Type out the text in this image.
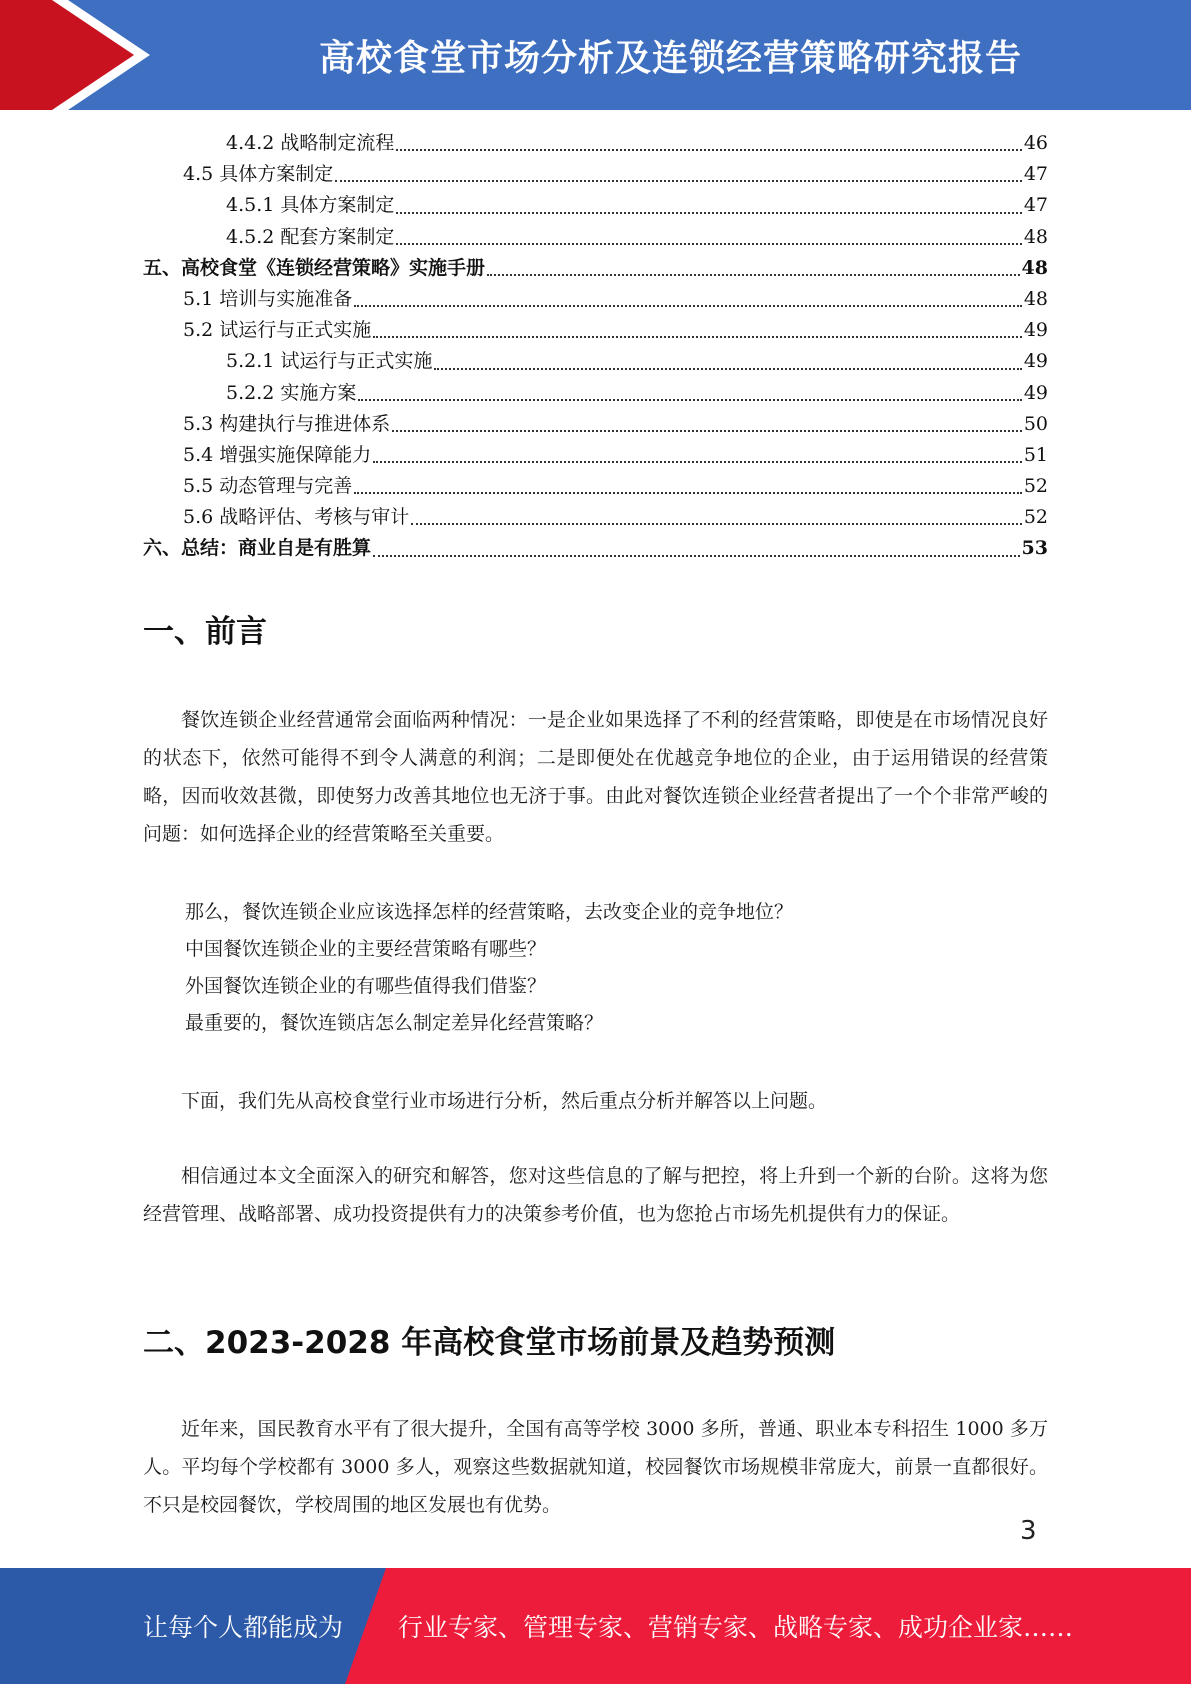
高校食堂市场分析及连锁经营策略研究报告
4.4.2 战略制定流程	46
4.5 具体方案制定	47
4.5.1 具体方案制定	47
4.5.2 配套方案制定	48
五、高校食堂《连锁经营策略》实施手册	48
5.1 培训与实施准备	48
5.2 试运行与正式实施	49
5.2.1 试运行与正式实施	49
5.2.2 实施方案	49
5.3 构建执行与推进体系	50
5.4 增强实施保障能力	51
5.5 动态管理与完善	52
5.6 战略评估、考核与审计	52
六、总结：商业自是有胜算	53
一、前言

餐饮连锁企业经营通常会面临两种情况：一是企业如果选择了不利的经营策略，即使是在市场情况良好的状态下，依然可能得不到令人满意的利润；二是即便处在优越竞争地位的企业，由于运用错误的经营策略，因而收效甚微，即使努力改善其地位也无济于事。由此对餐饮连锁企业经营者提出了一个个非常严峻的问题：如何选择企业的经营策略至关重要。

那么，餐饮连锁企业应该选择怎样的经营策略，去改变企业的竞争地位？

中国餐饮连锁企业的主要经营策略有哪些？

外国餐饮连锁企业的有哪些值得我们借鉴？

最重要的，餐饮连锁店怎么制定差异化经营策略？

下面，我们先从高校食堂行业市场进行分析，然后重点分析并解答以上问题。

相信通过本文全面深入的研究和解答，您对这些信息的了解与把控，将上升到一个新的台阶。这将为您经营管理、战略部署、成功投资提供有力的决策参考价值，也为您抢占市场先机提供有力的保证。

二、2023-2028 年高校食堂市场前景及趋势预测

近年来，国民教育水平有了很大提升，全国有高等学校 3000 多所，普通、职业本专科招生 1000 多万人。平均每个学校都有 3000 多人，观察这些数据就知道，校园餐饮市场规模非常庞大，前景一直都很好。不只是校园餐饮，学校周围的地区发展也有优势。

3
让每个人都能成为 行业专家、管理专家、营销专家、战略专家、成功企业家……
